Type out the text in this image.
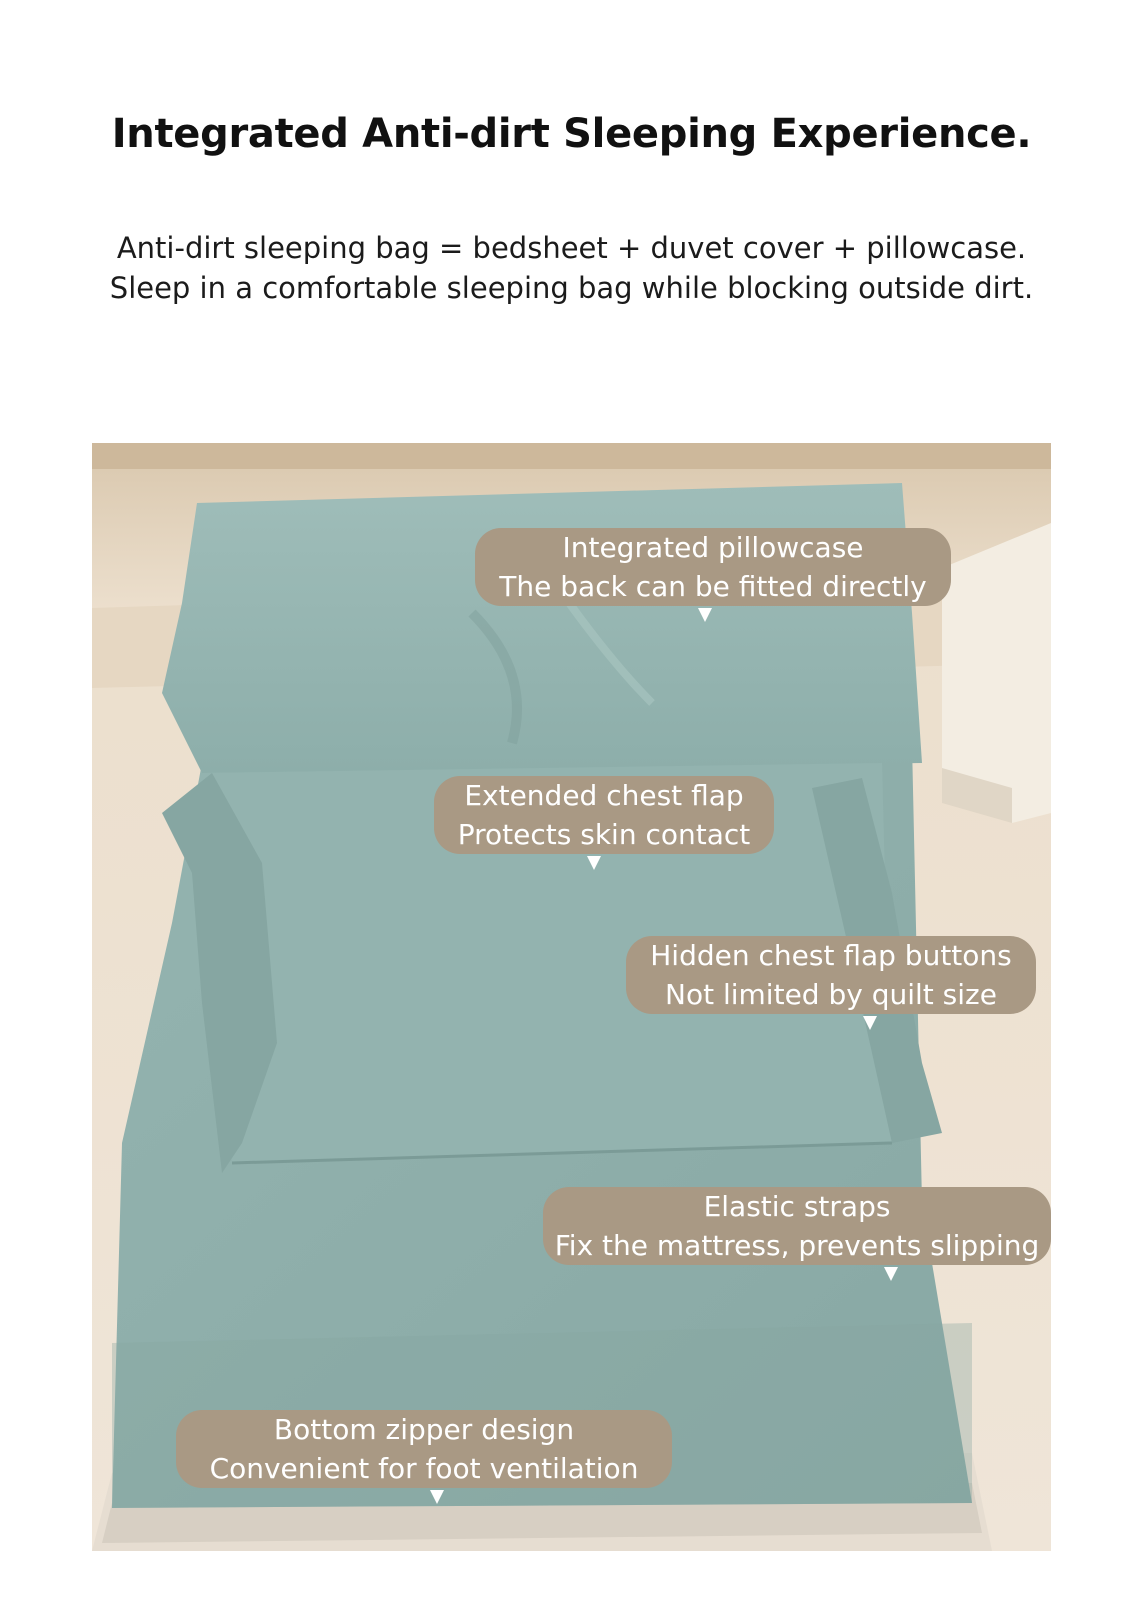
Integrated Anti-dirt Sleeping Experience.
Anti-dirt sleeping bag = bedsheet + duvet cover + pillowcase.
Sleep in a comfortable sleeping bag while blocking outside dirt.
Integrated pillowcase
The back can be fitted directly
Extended chest flap
Protects skin contact
Hidden chest flap buttons
Not limited by quilt size
Elastic straps
Fix the mattress, prevents slipping
Bottom zipper design
Convenient for foot ventilation
